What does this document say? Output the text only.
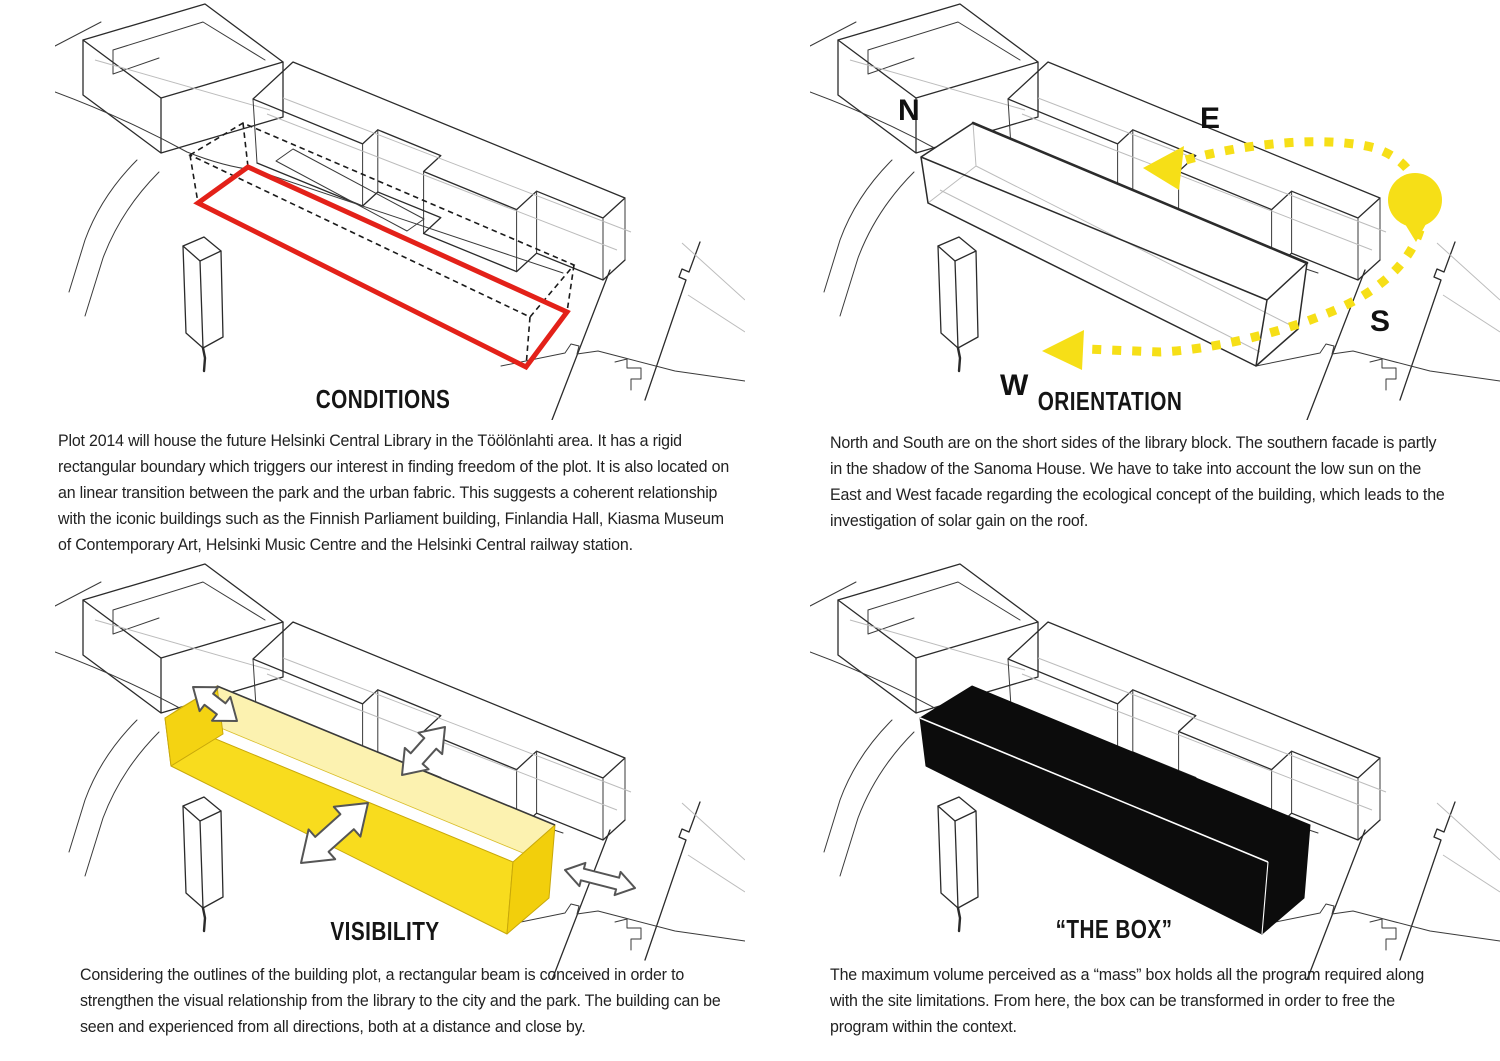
CONDITIONS

Plot 2014 will house the future Helsinki Central Library in the Töölönlahti area. It has a rigid rectangular boundary which triggers our interest in finding freedom of the plot. It is also located on an linear transition between the park and the urban fabric. This suggests a coherent relationship with the iconic buildings such as the Finnish Parliament building, Finlandia Hall, Kiasma Museum of Contemporary Art, Helsinki Music Centre and the Helsinki Central railway station.

N	E
S
W ORIENTATION

North and South are on the short sides of the library block. The southern facade is partly in the shadow of the Sanoma House. We have to take into account the low sun on the East and West facade regarding the ecological concept of the building, which leads to the investigation of solar gain on the roof.

VISIBILITY

Considering the outlines of the building plot, a rectangular beam is conceived in order to strengthen the visual relationship from the library to the city and the park. The building can be seen and experienced from all directions, both at a distance and close by.

“THE BOX”

The maximum volume perceived as a “mass” box holds all the program required along with the site limitations. From here, the box can be transformed in order to free the program within the context.
